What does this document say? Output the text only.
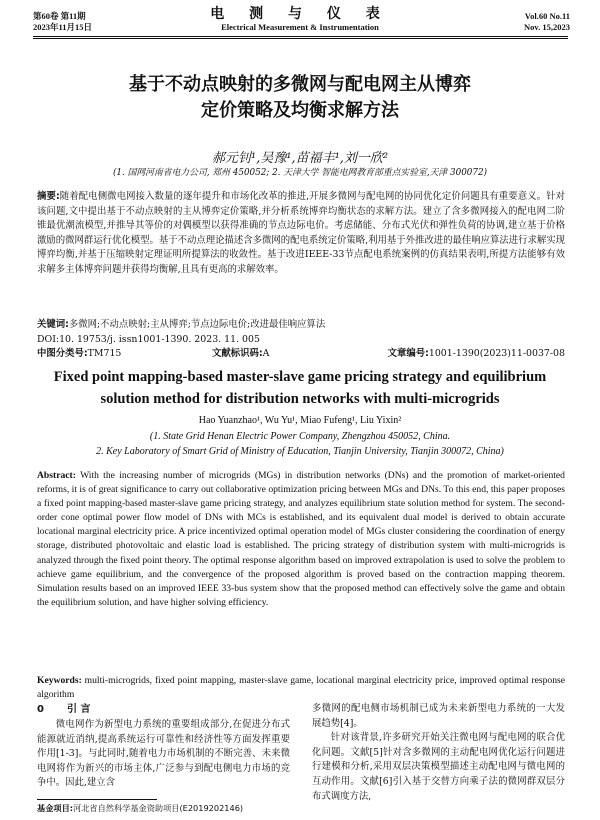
第60卷 第11期
2023年11月15日
电 测 与 仪 表
Electrical Measurement & Instrumentation
Vol.60 No.11
Nov. 15,2023
基于不动点映射的多微网与配电网主从博弈
定价策略及均衡求解方法
郝元钊¹,吴豫¹,苗福丰¹,刘一欣²
(1. 国网河南省电力公司, 郑州 450052; 2. 天津大学 智能电网教育部重点实验室,天津 300072)
摘要:随着配电侧微电网接入数量的逐年提升和市场化改革的推进,开展多微网与配电网的协同优化定价问题具有重要意义。针对该问题,文中提出基于不动点映射的主从博弈定价策略,并分析系统博弈均衡状态的求解方法。建立了含多微网接入的配电网二阶锥最优潮流模型,并推导其等价的对偶模型以获得准确的节点边际电价。考虑储能、分布式光伏和弹性负荷的协调,建立基于价格激励的微网群运行优化模型。基于不动点理论描述含多微网的配电系统定价策略,利用基于外推改进的最佳响应算法进行求解实现博弈均衡,并基于压缩映射定理证明所提算法的收敛性。基于改进IEEE-33节点配电系统案例的仿真结果表明,所提方法能够有效求解多主体博弈问题并获得均衡解,且具有更高的求解效率。
关键词:多微网;不动点映射;主从博弈;节点边际电价;改进最佳响应算法
DOI:10. 19753/j. issn1001-1390. 2023. 11. 005
中图分类号:TM715	文献标识码:A	文章编号:1001-1390(2023)11-0037-08
Fixed point mapping-based master-slave game pricing strategy and equilibrium
solution method for distribution networks with multi-microgrids
Hao Yuanzhao¹, Wu Yu¹, Miao Fufeng¹, Liu Yixin²
(1. State Grid Henan Electric Power Company, Zhengzhou 450052, China.
2. Key Laboratory of Smart Grid of Ministry of Education, Tianjin University, Tianjin 300072, China)
Abstract: With the increasing number of microgrids (MGs) in distribution networks (DNs) and the promotion of market-oriented reforms, it is of great significance to carry out collaborative optimization pricing between MGs and DNs. To this end, this paper proposes a fixed point mapping-based master-slave game pricing strategy, and analyzes equilibrium state solution method for system. The second-order cone optimal power flow model of DNs with MCs is established, and its equivalent dual model is derived to obtain accurate locational marginal electricity price. A price incentivized optimal operation model of MGs cluster considering the coordination of energy storage, distributed photovoltaic and elastic load is established. The pricing strategy of distribution system with multi-microgrids is analyzed through the fixed point theory. The optimal response algorithm based on improved extrapolation is used to solve the problem to achieve game equilibrium, and the convergence of the proposed algorithm is proved based on the contraction mapping theorem. Simulation results based on an improved IEEE 33-bus system show that the proposed method can effectively solve the game and obtain the equilibrium solution, and have higher solving efficiency.
Keywords: multi-microgrids, fixed point mapping, master-slave game, locational marginal electricity price, improved optimal response algorithm
0 引 言

微电网作为新型电力系统的重要组成部分,在促进分布式能源就近消纳,提高系统运行可靠性和经济性等方面发挥重要作用[1-3]。与此同时,随着电力市场机制的不断完善、未来微电网将作为新兴的市场主体,广泛参与到配电侧电力市场的竞争中。因此,建立含

多微网的配电侧市场机制已成为未来新型电力系统的一大发展趋势[4]。

针对该背景,许多研究开始关注微电网与配电网的联合优化问题。文献[5]针对含多微网的主动配电网优化运行问题进行建模和分析,采用双层决策模型描述主动配电网与微电网的互动作用。文献[6]引入基于交替方向乘子法的微网群双层分布式调度方法,

基金项目:河北省自然科学基金资助项目(E2019202146)
